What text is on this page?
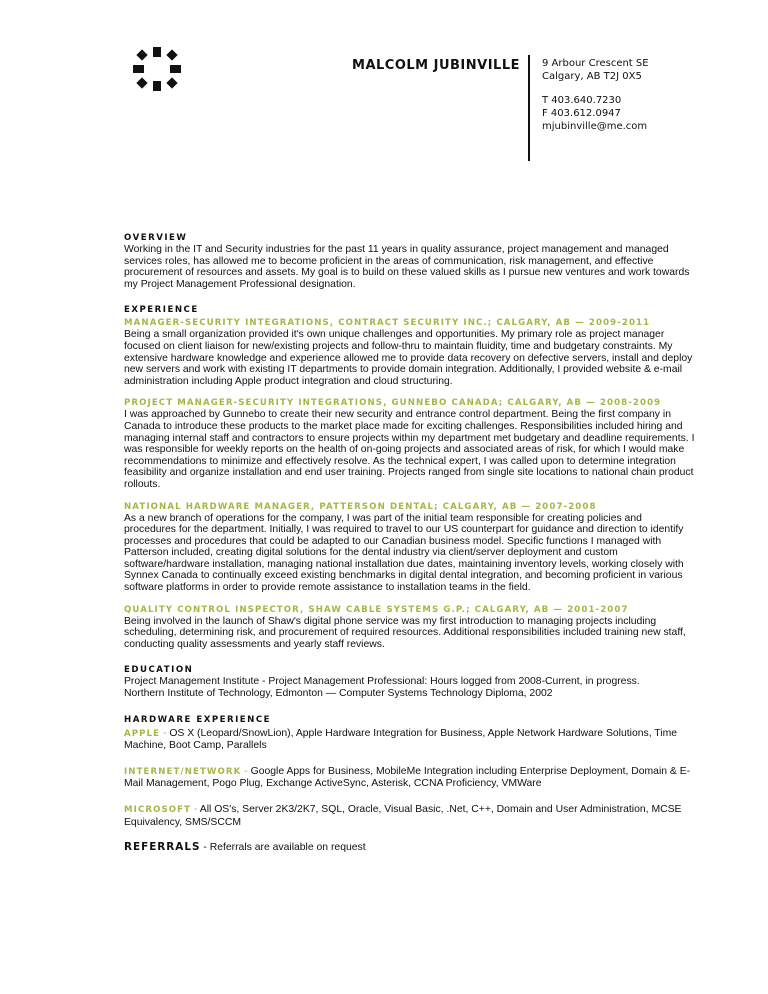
MALCOLM JUBINVILLE 9 Arbour Crescent SE
Calgary, AB T2J 0X5
T 403.640.7230
F 403.612.0947
mjubinville@me.com
OVERVIEW

Working in the IT and Security industries for the past 11 years in quality assurance, project management and managed services roles, has allowed me to become proficient in the areas of communication, risk management, and effective procurement of resources and assets. My goal is to build on these valued skills as I pursue new ventures and work towards my Project Management Professional designation.

EXPERIENCE
MANAGER-SECURITY INTEGRATIONS, CONTRACT SECURITY INC.; CALGARY, AB — 2009-2011

Being a small organization provided it's own unique challenges and opportunities. My primary role as project manager focused on client liaison for new/existing projects and follow-thru to maintain fluidity, time and budgetary constraints. My extensive hardware knowledge and experience allowed me to provide data recovery on defective servers, install and deploy new servers and work with existing IT departments to provide domain integration. Additionally, I provided website & e-mail administration including Apple product integration and cloud structuring.

PROJECT MANAGER-SECURITY INTEGRATIONS, GUNNEBO CANADA; CALGARY, AB — 2008-2009

I was approached by Gunnebo to create their new security and entrance control department. Being the first company in Canada to introduce these products to the market place made for exciting challenges. Responsibilities included hiring and managing internal staff and contractors to ensure projects within my department met budgetary and deadline requirements. I was responsible for weekly reports on the health of on-going projects and associated areas of risk, for which I would make recommendations to minimize and effectively resolve. As the technical expert, I was called upon to determine integration feasibility and organize installation and end user training. Projects ranged from single site locations to national chain product rollouts.

NATIONAL HARDWARE MANAGER, PATTERSON DENTAL; CALGARY, AB — 2007-2008

As a new branch of operations for the company, I was part of the initial team responsible for creating policies and procedures for the department. Initially, I was required to travel to our US counterpart for guidance and direction to identify processes and procedures that could be adapted to our Canadian business model. Specific functions I managed with Patterson included, creating digital solutions for the dental industry via client/server deployment and custom software/hardware installation, managing national installation due dates, maintaining inventory levels, working closely with Synnex Canada to continually exceed existing benchmarks in digital dental integration, and becoming proficient in various software platforms in order to provide remote assistance to installation teams in the field.

QUALITY CONTROL INSPECTOR, SHAW CABLE SYSTEMS G.P.; CALGARY, AB — 2001-2007

Being involved in the launch of Shaw's digital phone service was my first introduction to managing projects including scheduling, determining risk, and procurement of required resources. Additional responsibilities included training new staff, conducting quality assessments and yearly staff reviews.

EDUCATION
Project Management Institute - Project Management Professional: Hours logged from 2008-Current, in progress.
Northern Institute of Technology, Edmonton — Computer Systems Technology Diploma, 2002
HARDWARE EXPERIENCE
APPLE - OS X (Leopard/SnowLion), Apple Hardware Integration for Business, Apple Network Hardware Solutions, Time Machine, Boot Camp, Parallels
INTERNET/NETWORK - Google Apps for Business, MobileMe Integration including Enterprise Deployment, Domain & E-Mail Management, Pogo Plug, Exchange ActiveSync, Asterisk, CCNA Proficiency, VMWare
MICROSOFT - All OS's, Server 2K3/2K7, SQL, Oracle, Visual Basic, .Net, C++, Domain and User Administration, MCSE Equivalency, SMS/SCCM
REFERRALS - Referrals are available on request
